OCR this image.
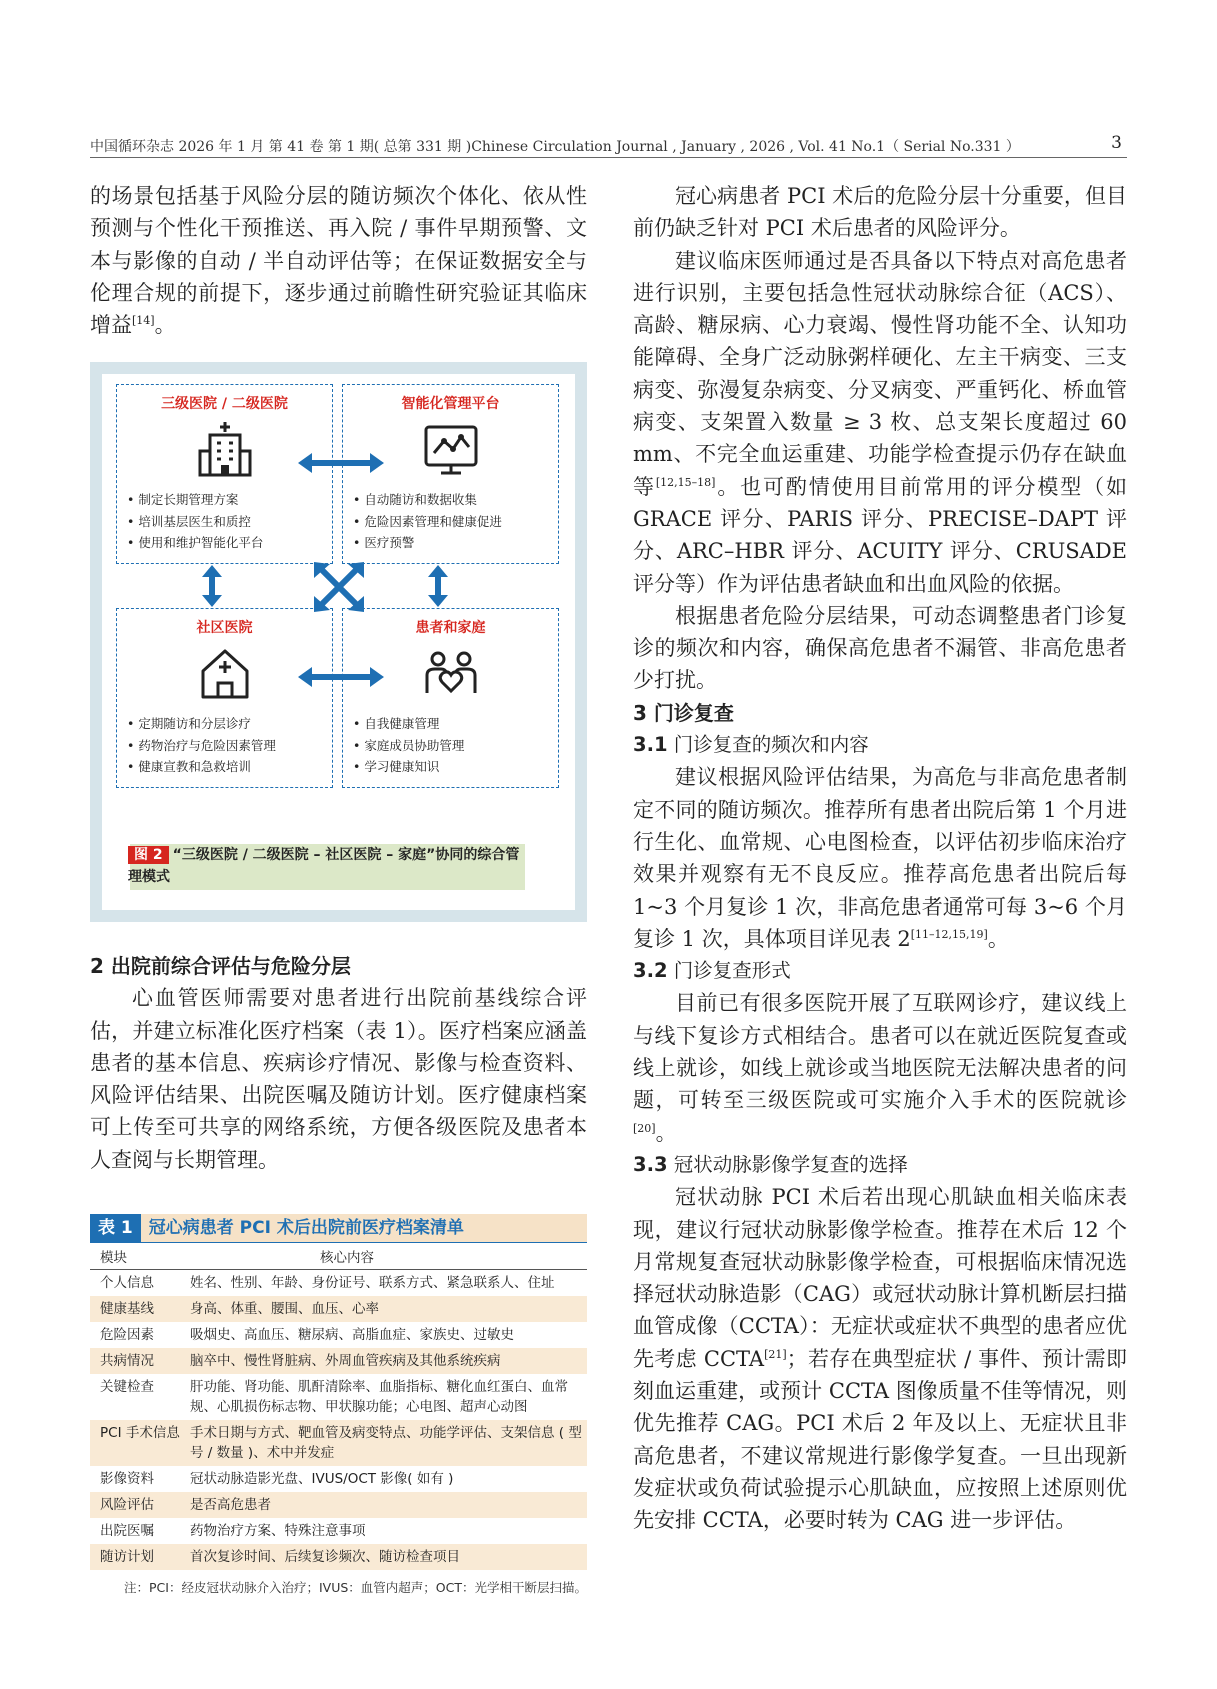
中国循环杂志 2026 年 1 月 第 41 卷 第 1 期( 总第 331 期 )Chinese Circulation Journal , January , 2026 , Vol. 41 No.1（ Serial No.331 ）	3

的场景包括基于风险分层的随访频次个体化、依从性预测与个性化干预推送、再入院 / 事件早期预警、文本与影像的自动 / 半自动评估等；在保证数据安全与伦理合规的前提下，逐步通过前瞻性研究验证其临床增益[14]。

三级医院 / 二级医院
• 制定长期管理方案
• 培训基层医生和质控
• 使用和维护智能化平台
智能化管理平台
• 自动随访和数据收集
• 危险因素管理和健康促进
• 医疗预警
社区医院
• 定期随访和分层诊疗
• 药物治疗与危险因素管理
• 健康宣教和急救培训
患者和家庭
• 自我健康管理
• 家庭成员协助管理
• 学习健康知识
图 2 “三级医院 / 二级医院 – 社区医院 – 家庭”协同的综合管理模式

2 出院前综合评估与危险分层

心血管医师需要对患者进行出院前基线综合评估，并建立标准化医疗档案（表 1）。医疗档案应涵盖患者的基本信息、疾病诊疗情况、影像与检查资料、风险评估结果、出院医嘱及随访计划。医疗健康档案可上传至可共享的网络系统，方便各级医院及患者本人查阅与长期管理。

表 1 冠心病患者 PCI 术后出院前医疗档案清单
模块	核心内容
个人信息	姓名、性别、年龄、身份证号、联系方式、紧急联系人、住址
健康基线	身高、体重、腰围、血压、心率
危险因素	吸烟史、高血压、糖尿病、高脂血症、家族史、过敏史
共病情况	脑卒中、慢性肾脏病、外周血管疾病及其他系统疾病
关键检查	肝功能、肾功能、肌酐清除率、血脂指标、糖化血红蛋白、血常规、心肌损伤标志物、甲状腺功能；心电图、超声心动图
PCI 手术信息	手术日期与方式、靶血管及病变特点、功能学评估、支架信息 ( 型号 / 数量 )、术中并发症
影像资料	冠状动脉造影光盘、IVUS/OCT 影像( 如有 )
风险评估	是否高危患者
出院医嘱	药物治疗方案、特殊注意事项
随访计划	首次复诊时间、后续复诊频次、随访检查项目
注：PCI：经皮冠状动脉介入治疗；IVUS：血管内超声；OCT：光学相干断层扫描。

冠心病患者 PCI 术后的危险分层十分重要，但目前仍缺乏针对 PCI 术后患者的风险评分。

建议临床医师通过是否具备以下特点对高危患者进行识别，主要包括急性冠状动脉综合征（ACS）、高龄、糖尿病、心力衰竭、慢性肾功能不全、认知功能障碍、全身广泛动脉粥样硬化、左主干病变、三支病变、弥漫复杂病变、分叉病变、严重钙化、桥血管病变、支架置入数量 ≥ 3 枚、总支架长度超过 60 mm、不完全血运重建、功能学检查提示仍存在缺血等[12,15–18]。也可酌情使用目前常用的评分模型（如 GRACE 评分、PARIS 评分、PRECISE–DAPT 评分、ARC–HBR 评分、ACUITY 评分、CRUSADE 评分等）作为评估患者缺血和出血风险的依据。

根据患者危险分层结果，可动态调整患者门诊复诊的频次和内容，确保高危患者不漏管、非高危患者少打扰。

3 门诊复查

3.1 门诊复查的频次和内容

建议根据风险评估结果，为高危与非高危患者制定不同的随访频次。推荐所有患者出院后第 1 个月进行生化、血常规、心电图检查，以评估初步临床治疗效果并观察有无不良反应。推荐高危患者出院后每 1~3 个月复诊 1 次，非高危患者通常可每 3~6 个月复诊 1 次，具体项目详见表 2[11–12,15,19]。

3.2 门诊复查形式

目前已有很多医院开展了互联网诊疗，建议线上与线下复诊方式相结合。患者可以在就近医院复查或线上就诊，如线上就诊或当地医院无法解决患者的问题，可转至三级医院或可实施介入手术的医院就诊[20]。

3.3 冠状动脉影像学复查的选择

冠状动脉 PCI 术后若出现心肌缺血相关临床表现，建议行冠状动脉影像学检查。推荐在术后 12 个月常规复查冠状动脉影像学检查，可根据临床情况选择冠状动脉造影（CAG）或冠状动脉计算机断层扫描血管成像（CCTA）：无症状或症状不典型的患者应优先考虑 CCTA[21]；若存在典型症状 / 事件、预计需即刻血运重建，或预计 CCTA 图像质量不佳等情况，则优先推荐 CAG。PCI 术后 2 年及以上、无症状且非高危患者，不建议常规进行影像学复查。一旦出现新发症状或负荷试验提示心肌缺血，应按照上述原则优先安排 CCTA，必要时转为 CAG 进一步评估。
